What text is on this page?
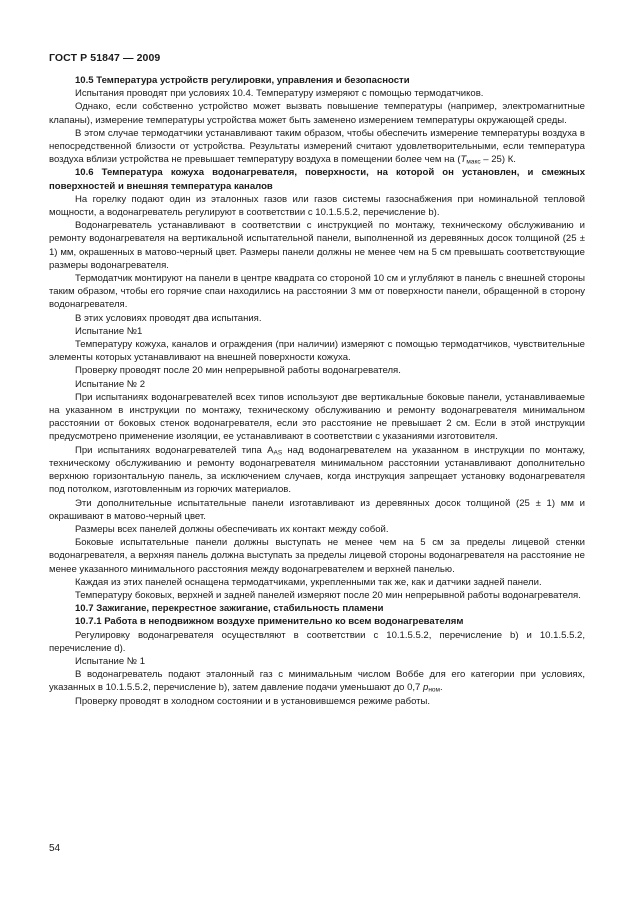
ГОСТ Р 51847 — 2009

10.5 Температура устройств регулировки, управления и безопасности

Испытания проводят при условиях 10.4. Температуру измеряют с помощью термодатчиков.

Однако, если собственно устройство может вызвать повышение температуры (например, электромагнитные клапаны), измерение температуры устройства может быть заменено измерением температуры окружающей среды.

В этом случае термодатчики устанавливают таким образом, чтобы обеспечить измерение температуры воздуха в непосредственной близости от устройства. Результаты измерений считают удовлетворительными, если температура воздуха вблизи устройства не превышает температуру воздуха в помещении более чем на $(T_{макс} - 25)$ К.

10.6 Температура кожуха водонагревателя, поверхности, на которой он установлен, и смежных поверхностей и внешняя температура каналов

На горелку подают один из эталонных газов или газов системы газоснабжения при номинальной тепловой мощности, а водонагреватель регулируют в соответствии с 10.1.5.5.2, перечисление b).

Водонагреватель устанавливают в соответствии с инструкцией по монтажу, техническому обслуживанию и ремонту водонагревателя на вертикальной испытательной панели, выполненной из деревянных досок толщиной (25 ± 1) мм, окрашенных в матово-черный цвет. Размеры панели должны не менее чем на 5 см превышать соответствующие размеры водонагревателя.

Термодатчик монтируют на панели в центре квадрата со стороной 10 см и углубляют в панель с внешней стороны таким образом, чтобы его горячие спаи находились на расстоянии 3 мм от поверхности панели, обращенной в сторону водонагревателя.

В этих условиях проводят два испытания.

Испытание №1

Температуру кожуха, каналов и ограждения (при наличии) измеряют с помощью термодатчиков, чувствительные элементы которых устанавливают на внешней поверхности кожуха.

Проверку проводят после 20 мин непрерывной работы водонагревателя.

Испытание № 2

При испытаниях водонагревателей всех типов используют две вертикальные боковые панели, устанавливаемые на указанном в инструкции по монтажу, техническому обслуживанию и ремонту водонагревателя минимальном расстоянии от боковых стенок водонагревателя, если это расстояние не превышает 2 см. Если в этой инструкции предусмотрено применение изоляции, ее устанавливают в соответствии с указаниями изготовителя.

При испытаниях водонагревателей типа $A_{AS}$ над водонагревателем на указанном в инструкции по монтажу, техническому обслуживанию и ремонту водонагревателя минимальном расстоянии устанавливают дополнительно верхнюю горизонтальную панель, за исключением случаев, когда инструкция запрещает установку водонагревателя под потолком, изготовленным из горючих материалов.

Эти дополнительные испытательные панели изготавливают из деревянных досок толщиной (25 ± 1) мм и окрашивают в матово-черный цвет.

Размеры всех панелей должны обеспечивать их контакт между собой.

Боковые испытательные панели должны выступать не менее чем на 5 см за пределы лицевой стенки водонагревателя, а верхняя панель должна выступать за пределы лицевой стороны водонагревателя на расстояние не менее указанного минимального расстояния между водонагревателем и верхней панелью.

Каждая из этих панелей оснащена термодатчиками, укрепленными так же, как и датчики задней панели.

Температуру боковых, верхней и задней панелей измеряют после 20 мин непрерывной работы водонагревателя.

10.7 Зажигание, перекрестное зажигание, стабильность пламени

10.7.1 Работа в неподвижном воздухе применительно ко всем водонагревателям

Регулировку водонагревателя осуществляют в соответствии с 10.1.5.5.2, перечисление b) и 10.1.5.5.2, перечисление d).

Испытание № 1

В водонагреватель подают эталонный газ с минимальным числом Воббе для его категории при условиях, указанных в 10.1.5.5.2, перечисление b), затем давление подачи уменьшают до 0,7 $p_{ном}$.

Проверку проводят в холодном состоянии и в установившемся режиме работы.

54
